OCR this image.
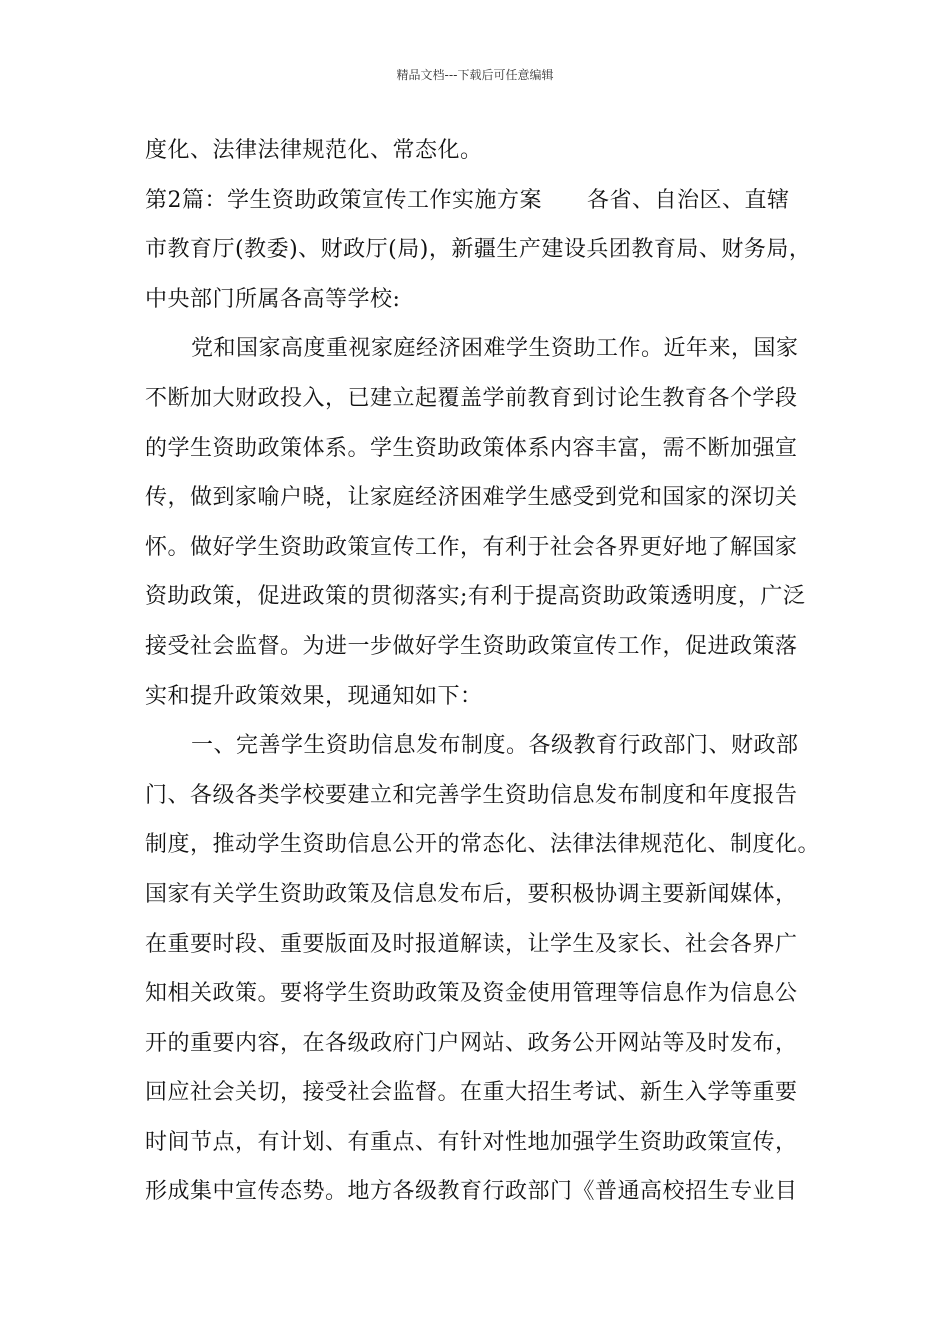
精品文档---下载后可任意编辑
度化、法律法律规范化、常态化。
第2篇：学生资助政策宣传工作实施方案　　各省、自治区、直辖
市教育厅(教委)、财政厅(局)，新疆生产建设兵团教育局、财务局，
中央部门所属各高等学校:
党和国家高度重视家庭经济困难学生资助工作。近年来，国家
不断加大财政投入，已建立起覆盖学前教育到讨论生教育各个学段
的学生资助政策体系。学生资助政策体系内容丰富，需不断加强宣
传，做到家喻户晓，让家庭经济困难学生感受到党和国家的深切关
怀。做好学生资助政策宣传工作，有利于社会各界更好地了解国家
资助政策，促进政策的贯彻落实;有利于提高资助政策透明度，广泛
接受社会监督。为进一步做好学生资助政策宣传工作，促进政策落
实和提升政策效果，现通知如下：
一、完善学生资助信息发布制度。各级教育行政部门、财政部
门、各级各类学校要建立和完善学生资助信息发布制度和年度报告
制度，推动学生资助信息公开的常态化、法律法律规范化、制度化。
国家有关学生资助政策及信息发布后，要积极协调主要新闻媒体，
在重要时段、重要版面及时报道解读，让学生及家长、社会各界广
知相关政策。要将学生资助政策及资金使用管理等信息作为信息公
开的重要内容，在各级政府门户网站、政务公开网站等及时发布，
回应社会关切，接受社会监督。在重大招生考试、新生入学等重要
时间节点，有计划、有重点、有针对性地加强学生资助政策宣传，
形成集中宣传态势。地方各级教育行政部门《普通高校招生专业目
